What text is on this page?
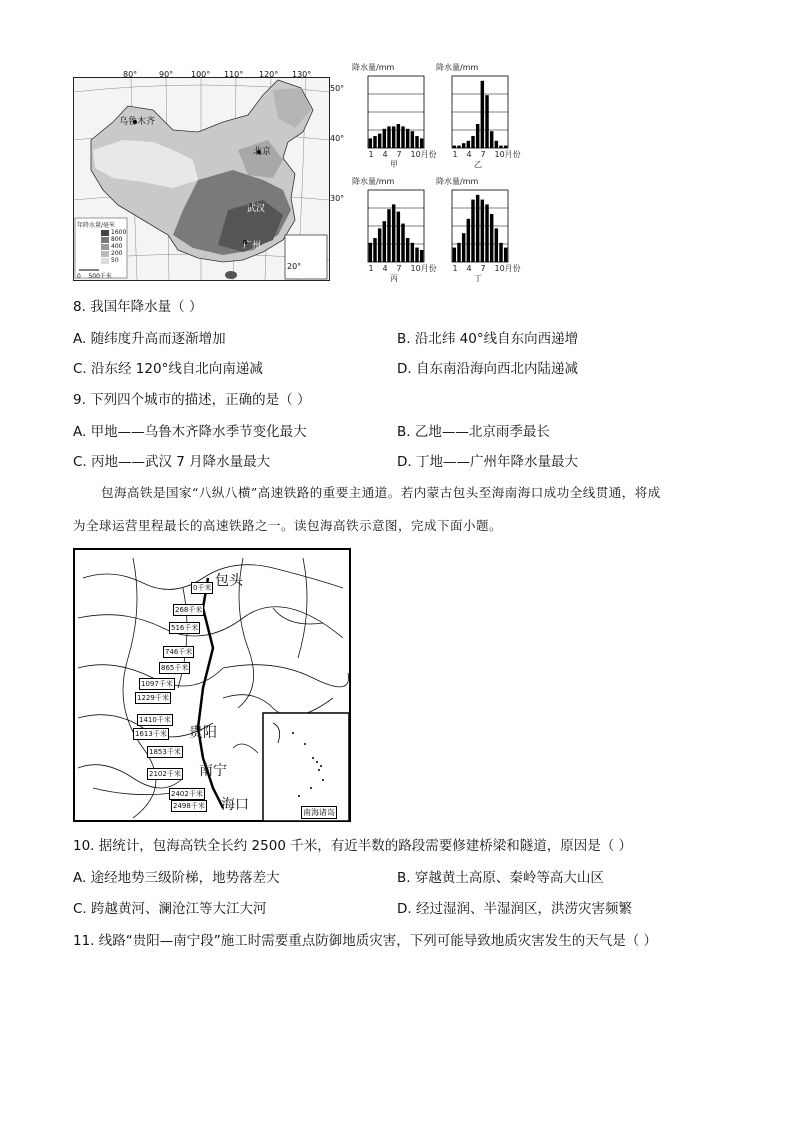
80°	90° 100° 110° 120° 130°
50°
40°
30°
20°
乌鲁木齐
北京
武汉
广州
年降水量/毫米
1600
800
400
200
50
0    500千米
降水量/mm
1 4 7 10月份
甲
降水量/mm
1 4 7 10月份
乙
降水量/mm
1 4 7 10月份
丙
降水量/mm
1 4 7 10月份
丁
8. 我国年降水量（ ）
A. 随纬度升高而逐渐增加	B. 沿北纬 40°线自东向西递增
C. 沿东经 120°线自北向南递减	D. 自东南沿海向西北内陆递减
9. 下列四个城市的描述，正确的是（ ）
A. 甲地——乌鲁木齐降水季节变化最大	B. 乙地——北京雨季最长
C. 丙地——武汉 7 月降水量最大	D. 丁地——广州年降水量最大
包海高铁是国家“八纵八横”高速铁路的重要主通道。若内蒙古包头至海南海口成功全线贯通，将成
为全球运营里程最长的高速铁路之一。读包海高铁示意图，完成下面小题。
包头
贵阳
南宁
海口
0千米
268千米
516千米
746千米
865千米
1097千米
1229千米
1410千米
1613千米
1853千米
2102千米
2402千米
2498千米
南海诸岛
10. 据统计，包海高铁全长约 2500 千米，有近半数的路段需要修建桥梁和隧道，原因是（ ）
A. 途经地势三级阶梯，地势落差大	B. 穿越黄土高原、秦岭等高大山区
C. 跨越黄河、澜沧江等大江大河	D. 经过湿润、半湿润区，洪涝灾害频繁
11. 线路“贵阳—南宁段”施工时需要重点防御地质灾害，下列可能导致地质灾害发生的天气是（ ）
